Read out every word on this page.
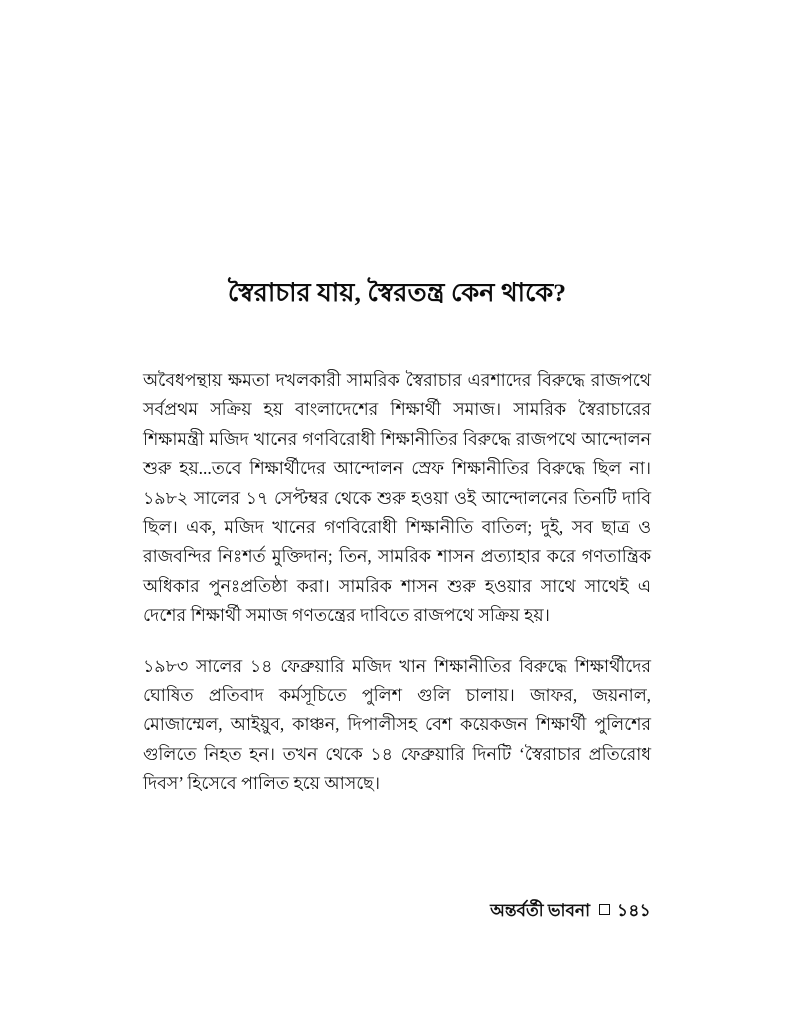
স্বৈরাচার যায়, স্বৈরতন্ত্র কেন থাকে?

অবৈধপন্থায় ক্ষমতা দখলকারী সামরিক স্বৈরাচার এরশাদের বিরুদ্ধে রাজপথে সর্বপ্রথম সক্রিয় হয় বাংলাদেশের শিক্ষার্থী সমাজ। সামরিক স্বৈরাচারের শিক্ষামন্ত্রী মজিদ খানের গণবিরোধী শিক্ষানীতির বিরুদ্ধে রাজপথে আন্দোলন শুরু হয়...তবে শিক্ষার্থীদের আন্দোলন স্রেফ শিক্ষানীতির বিরুদ্ধে ছিল না। ১৯৮২ সালের ১৭ সেপ্টম্বর থেকে শুরু হওয়া ওই আন্দোলনের তিনটি দাবি ছিল। এক, মজিদ খানের গণবিরোধী শিক্ষানীতি বাতিল; দুই, সব ছাত্র ও রাজবন্দির নিঃশর্ত মুক্তিদান; তিন, সামরিক শাসন প্রত্যাহার করে গণতান্ত্রিক অধিকার পুনঃপ্রতিষ্ঠা করা। সামরিক শাসন শুরু হওয়ার সাথে সাথেই এ দেশের শিক্ষার্থী সমাজ গণতন্ত্রের দাবিতে রাজপথে সক্রিয় হয়।

১৯৮৩ সালের ১৪ ফেব্রুয়ারি মজিদ খান শিক্ষানীতির বিরুদ্ধে শিক্ষার্থীদের ঘোষিত প্রতিবাদ কর্মসূচিতে পুলিশ গুলি চালায়। জাফর, জয়নাল, মোজাম্মেল, আইয়ুব, কাঞ্চন, দিপালীসহ বেশ কয়েকজন শিক্ষার্থী পুলিশের গুলিতে নিহত হন। তখন থেকে ১৪ ফেব্রুয়ারি দিনটি ‘স্বৈরাচার প্রতিরোধ দিবস’ হিসেবে পালিত হয়ে আসছে।

অন্তর্বর্তী ভাবনা ১৪১
